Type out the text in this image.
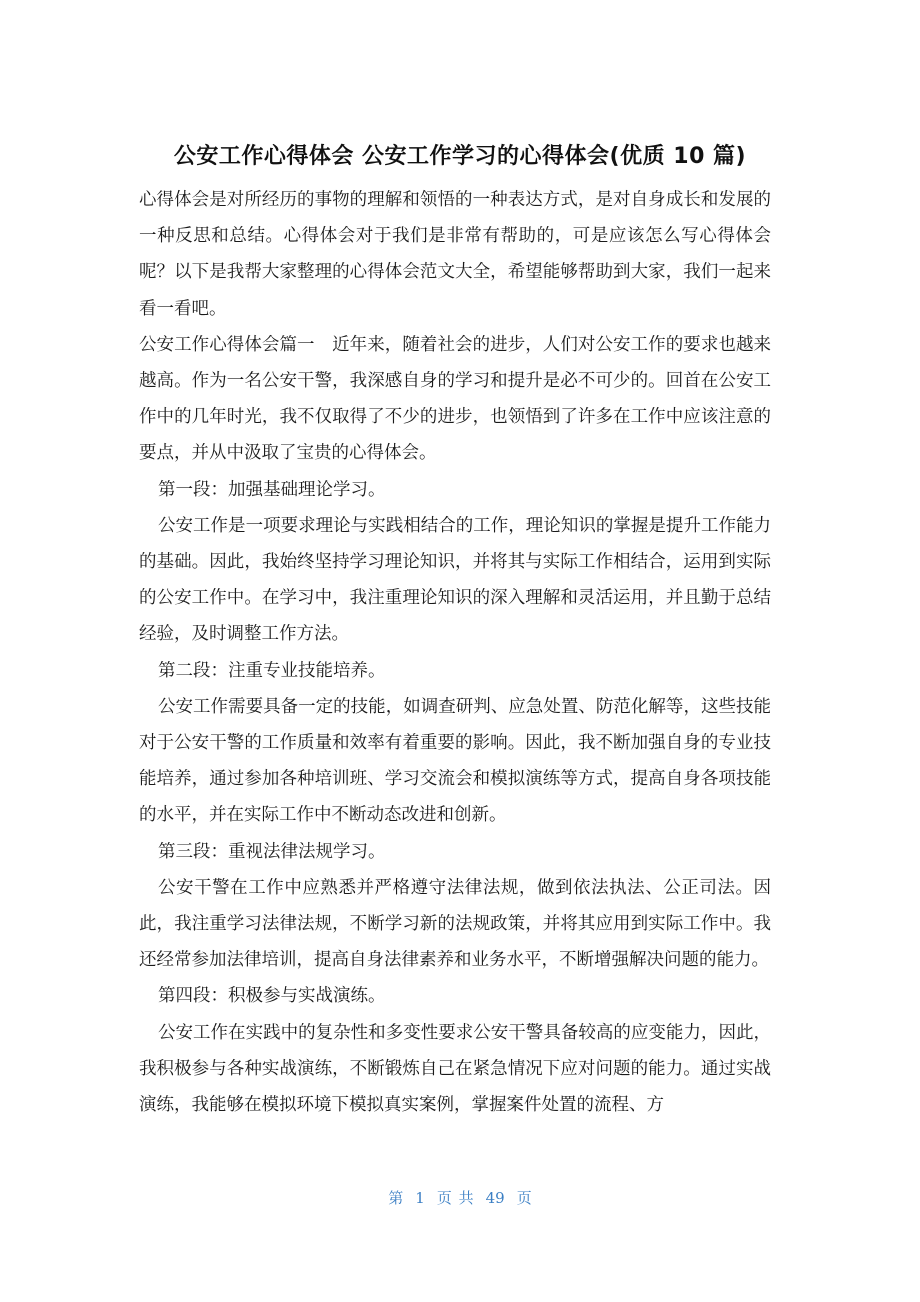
公安工作心得体会 公安工作学习的心得体会(优质 10 篇)

心得体会是对所经历的事物的理解和领悟的一种表达方式，是对自身成长和发展的一种反思和总结。心得体会对于我们是非常有帮助的，可是应该怎么写心得体会呢？以下是我帮大家整理的心得体会范文大全，希望能够帮助到大家，我们一起来看一看吧。

公安工作心得体会篇一　近年来，随着社会的进步，人们对公安工作的要求也越来越高。作为一名公安干警，我深感自身的学习和提升是必不可少的。回首在公安工作中的几年时光，我不仅取得了不少的进步，也领悟到了许多在工作中应该注意的要点，并从中汲取了宝贵的心得体会。

第一段：加强基础理论学习。

公安工作是一项要求理论与实践相结合的工作，理论知识的掌握是提升工作能力的基础。因此，我始终坚持学习理论知识，并将其与实际工作相结合，运用到实际的公安工作中。在学习中，我注重理论知识的深入理解和灵活运用，并且勤于总结经验，及时调整工作方法。

第二段：注重专业技能培养。

公安工作需要具备一定的技能，如调查研判、应急处置、防范化解等，这些技能对于公安干警的工作质量和效率有着重要的影响。因此，我不断加强自身的专业技能培养，通过参加各种培训班、学习交流会和模拟演练等方式，提高自身各项技能的水平，并在实际工作中不断动态改进和创新。

第三段：重视法律法规学习。

公安干警在工作中应熟悉并严格遵守法律法规，做到依法执法、公正司法。因此，我注重学习法律法规，不断学习新的法规政策，并将其应用到实际工作中。我还经常参加法律培训，提高自身法律素养和业务水平，不断增强解决问题的能力。

第四段：积极参与实战演练。

公安工作在实践中的复杂性和多变性要求公安干警具备较高的应变能力，因此，我积极参与各种实战演练，不断锻炼自己在紧急情况下应对问题的能力。通过实战演练，我能够在模拟环境下模拟真实案例，掌握案件处置的流程、方

第 1 页 共 49 页
